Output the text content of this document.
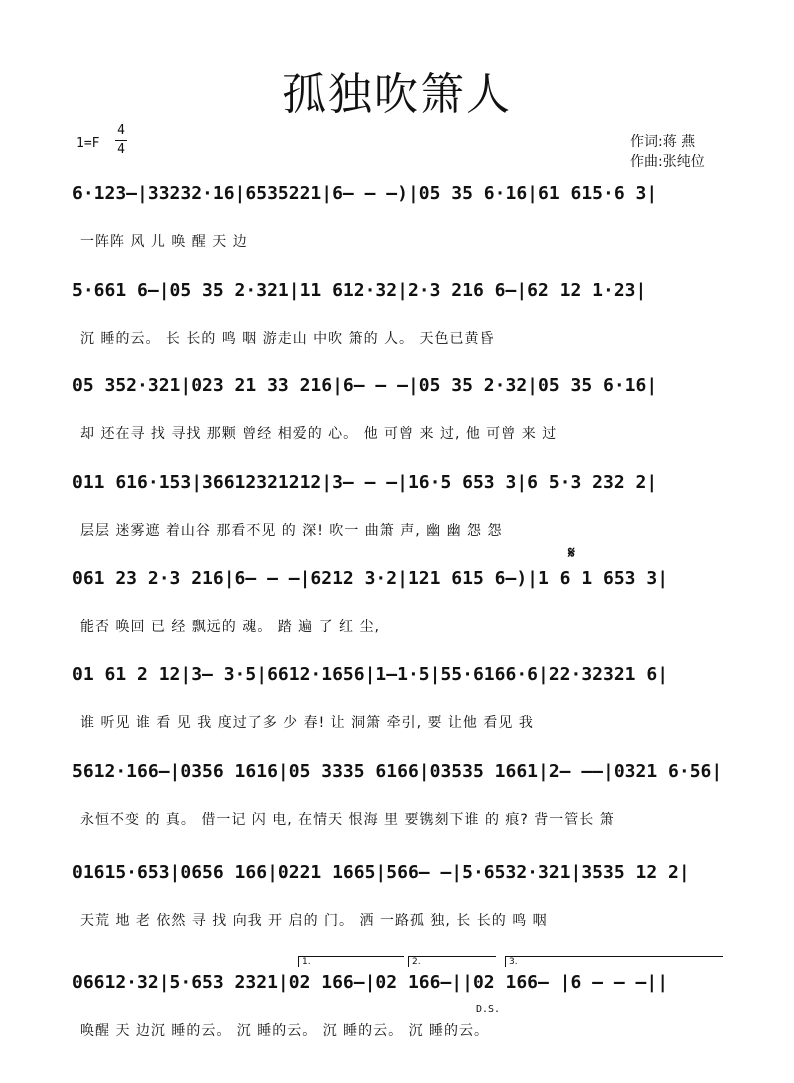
孤独吹箫人
1=F
4
4	作词:蒋 燕
作曲:张纯位
6·123–|33232·16|6535221|6– – –)|05 35 6·16|61 615·6 3|
一阵阵 风 儿 唤 醒 天 边
5·661 6–|05 35 2·321|11 612·32|2·3 216 6–|62 12 1·23|
沉 睡的云。 长 长的 鸣 咽 游走山 中吹 箫的 人。 天色已黄昏
05 352·321|023 21 33 216|6– – –|05 35 2·32|05 35 6·16|
却 还在寻 找 寻找 那颗 曾经 相爱的 心。 他 可曾 来 过, 他 可曾 来 过
011 616·153|36612321212|3– – –|16·5 653 3|6 5·3 232 2|
层层 迷雾遮 着山谷 那看不见 的 深! 吹一 曲箫 声, 幽 幽 怨 怨
061 23 2·3 216|6– – –|6212 3·2|121 615 6–)|1 6 1 653 3|
能否 唤回 已 经 飘远的 魂。 踏 遍 了 红 尘,
01 61 2 12|3– 3·5|6612·1656|1–1·5|55·6166·6|22·32321 6|
谁 听见 谁 看 见 我 度过了多 少 春! 让 洞箫 牵引, 要 让他 看见 我
5612·166–|0356 1616|05 3335 6166|03535 1661|2– ––|0321 6·56|
永恒不变 的 真。 借一记 闪 电, 在情天 恨海 里 要镌刻下谁 的 痕? 背一管长 箫
01615·653|0656 166|0221 1665|566– –|5·6532·321|3535 12 2|
天荒 地 老 依然 寻 找 向我 开 启的 门。 洒 一路孤 独, 长 长的 鸣 咽
06612·32|5·653 2321|02 166–|02 166–||02 166– |6 – – –||
唤醒 天 边沉 睡的云。 沉 睡的云。 沉 睡的云。 沉 睡的云。
𝄋
D.S.
1.	2.	3.
